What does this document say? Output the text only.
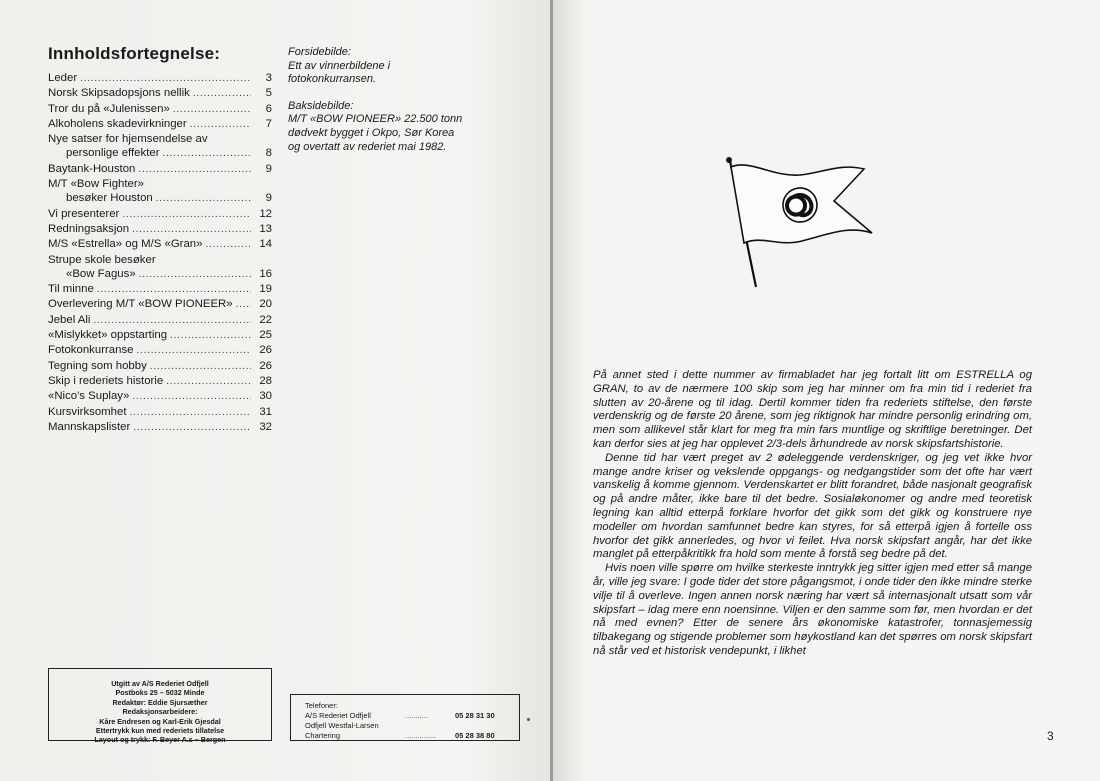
Innholdsfortegnelse:
Leder . . .	3
Norsk Skipsadopsjons nellik . . .	5
Tror du på «Julenissen» . . .	6
Alkoholens skadevirkninger . . .	7
Nye satser for hjemsendelse av
personlige effekter . . .	8
Baytank-Houston . . .	9
M/T «Bow Fighter»
besøker Houston . . .	9
Vi presenterer . . .	12
Redningsaksjon . . .	13
M/S «Estrella» og M/S «Gran» . . .	14
Strupe skole besøker
«Bow Fagus» . . .	16
Til minne . . .	19
Overlevering M/T «BOW PIONEER» . . .	20
Jebel Ali . . .	22
«Mislykket» oppstarting . . .	25
Fotokonkurranse . . .	26
Tegning som hobby . . .	26
Skip i rederiets historie . . .	28
«Nico's Suplay» . . .	30
Kursvirksomhet . . .	31
Mannskapslister . . .	32

Forsidebilde:
Ett av vinnerbildene i
fotokonkurransen.

Baksidebilde:
M/T «BOW PIONEER» 22.500 tonn
dødvekt bygget i Okpo, Sør Korea
og overtatt av rederiet mai 1982.

Utgitt av A/S Rederiet Odfjell
Postboks 25 – 5032 Minde
Redaktør: Eddie Sjursæther
Redaksjonsarbeidere:
Kåre Endresen og Karl-Erik Gjesdal
Ettertrykk kun med rederiets tillatelse
Layout og trykk: F. Beyer A.s – Bergen
Telefoner:
A/S Rederiet Odfjell	...........	05 28 31 30
Odfjell Westfal-Larsen
Chartering	...............	05 28 38 80

På annet sted i dette nummer av firmabladet har jeg fortalt litt om ESTRELLA og GRAN, to av de nærmere 100 skip som jeg har minner om fra min tid i rederiet fra slutten av 20-årene og til idag. Dertil kommer tiden fra rederiets stiftelse, den første verdenskrig og de første 20 årene, som jeg riktignok har mindre personlig erindring om, men som allikevel står klart for meg fra min fars muntlige og skriftlige beretninger. Det kan derfor sies at jeg har opplevet 2/3-dels århundrede av norsk skipsfartshistorie.

Denne tid har vært preget av 2 ødeleggende verdenskriger, og jeg vet ikke hvor mange andre kriser og vekslende oppgangs- og nedgangstider som det ofte har vært vanskelig å komme gjennom. Verdenskartet er blitt forandret, både nasjonalt geografisk og på andre måter, ikke bare til det bedre. Sosialøkonomer og andre med teoretisk legning kan alltid etterpå forklare hvorfor det gikk som det gikk og konstruere nye modeller om hvordan samfunnet bedre kan styres, for så etterpå igjen å fortelle oss hvorfor det gikk annerledes, og hvor vi feilet. Hva norsk skipsfart angår, har det ikke manglet på etterpåkritikk fra hold som mente å forstå seg bedre på det.

Hvis noen ville spørre om hvilke sterkeste inntrykk jeg sitter igjen med etter så mange år, ville jeg svare: I gode tider det store pågangsmot, i onde tider den ikke mindre sterke vilje til å overleve. Ingen annen norsk næring har vært så internasjonalt utsatt som vår skipsfart – idag mere enn noensinne. Viljen er den samme som før, men hvordan er det nå med evnen? Etter de senere års økonomiske katastrofer, tonnasjemessig tilbakegang og stigende problemer som høykostland kan det spørres om norsk skipsfart nå står ved et historisk vendepunkt, i likhet

3
